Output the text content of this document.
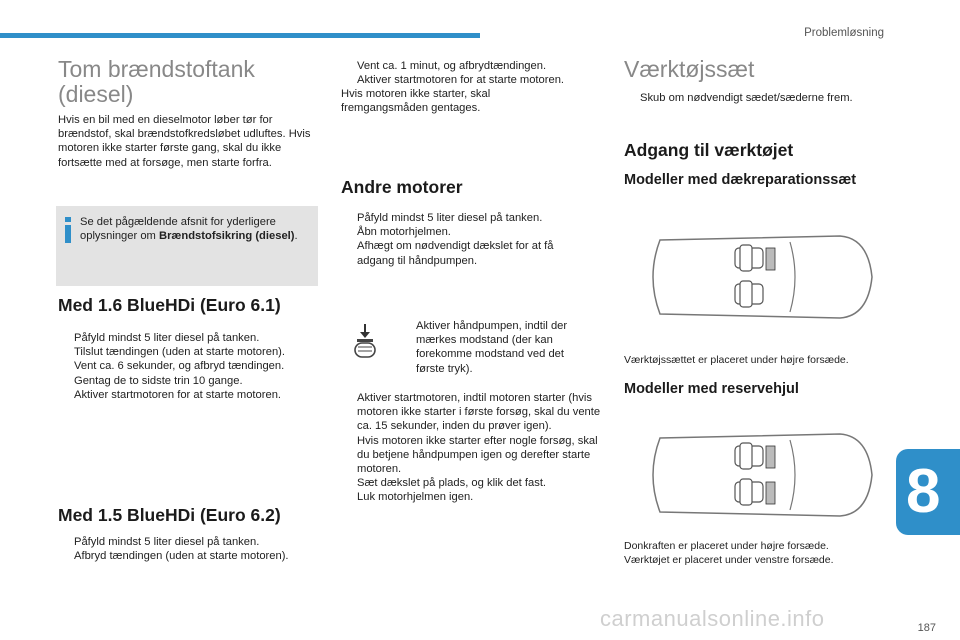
Problemløsning
Tom brændstoftank (diesel)

Hvis en bil med en dieselmotor løber tør for brændstof, skal brændstofkredsløbet udluftes. Hvis motoren ikke starter første gang, skal du ikke fortsætte med at forsøge, men starte forfra.

Se det pågældende afsnit for yderligere oplysninger om Brændstofsikring (diesel).
Med 1.6 BlueHDi (Euro 6.1)
Påfyld mindst 5 liter diesel på tanken.
Tilslut tændingen (uden at starte motoren).
Vent ca. 6 sekunder, og afbryd tændingen.
Gentag de to sidste trin 10 gange.
Aktiver startmotoren for at starte motoren.
Med 1.5 BlueHDi (Euro 6.2)
Påfyld mindst 5 liter diesel på tanken.
Afbryd tændingen (uden at starte motoren).
Vent ca. 1 minut, og afbrydtændingen.
Aktiver startmotoren for at starte motoren.

Hvis motoren ikke starter, skal fremgangsmåden gentages.

Andre motorer
Påfyld mindst 5 liter diesel på tanken.
Åbn motorhjelmen.
Afhægt om nødvendigt dækslet for at få adgang til håndpumpen.
Aktiver håndpumpen, indtil der mærkes modstand (der kan forekomme modstand ved det første tryk).
Aktiver startmotoren, indtil motoren starter (hvis motoren ikke starter i første forsøg, skal du vente ca. 15 sekunder, inden du prøver igen).
Hvis motoren ikke starter efter nogle forsøg, skal du betjene håndpumpen igen og derefter starte motoren.
Sæt dækslet på plads, og klik det fast.
Luk motorhjelmen igen.
Værktøjssæt
Skub om nødvendigt sædet/sæderne frem.
Adgang til værktøjet
Modeller med dækreparationssæt

Værktøjssættet er placeret under højre forsæde.

Modeller med reservehjul

Donkraften er placeret under højre forsæde.

Værktøjet er placeret under venstre forsæde.

8
carmanualsonline.info	187
